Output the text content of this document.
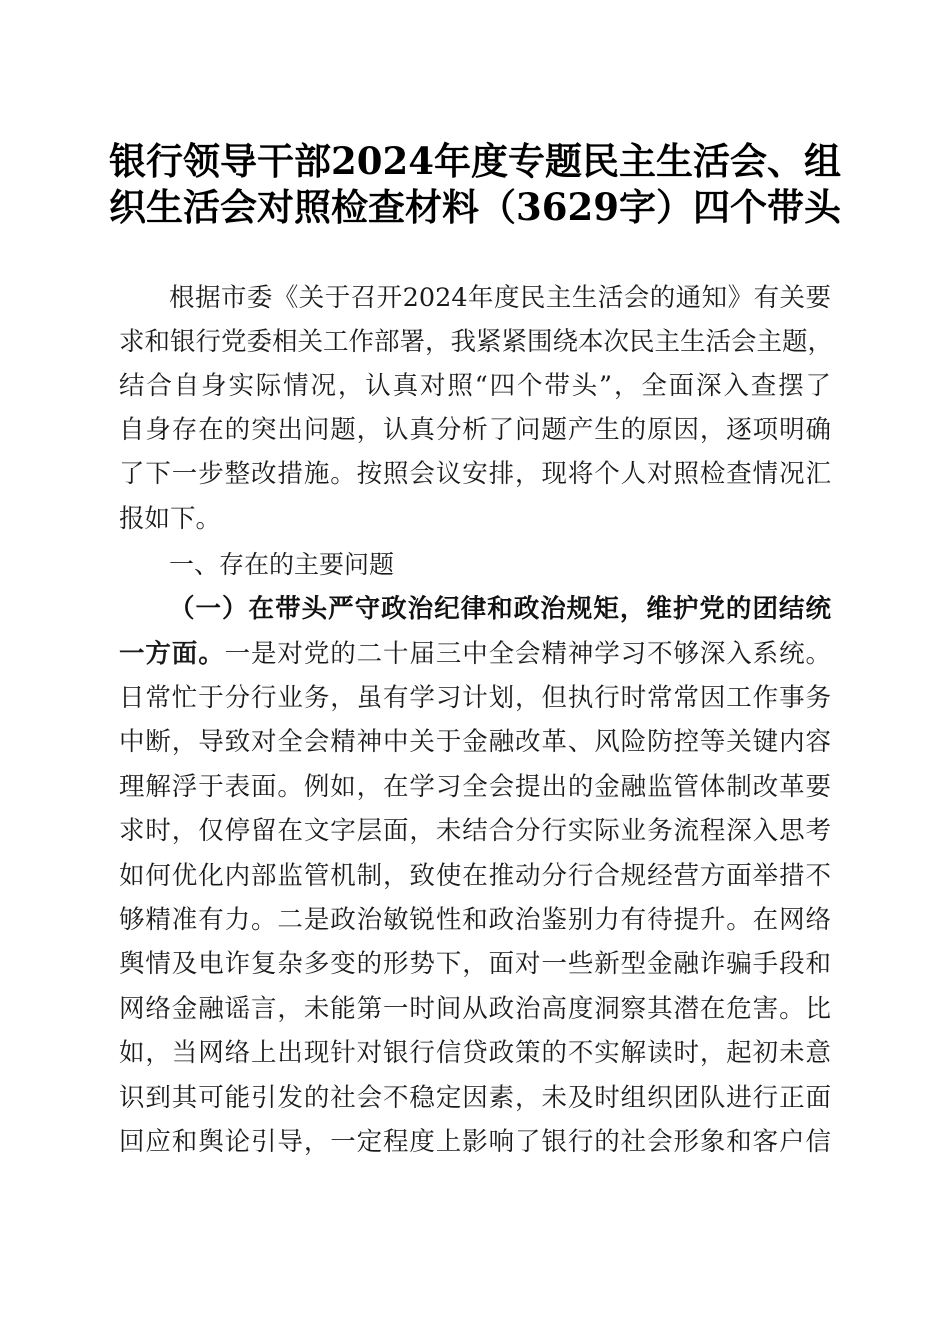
银行领导干部2024年度专题民主生活会、组
织生活会对照检查材料（3629字）四个带头
根据市委《关于召开2024年度民主生活会的通知》有关要
求和银行党委相关工作部署，我紧紧围绕本次民主生活会主题，
结合自身实际情况，认真对照“四个带头”，全面深入查摆了
自身存在的突出问题，认真分析了问题产生的原因，逐项明确
了下一步整改措施。按照会议安排，现将个人对照检查情况汇
报如下。
一、存在的主要问题
（一）在带头严守政治纪律和政治规矩，维护党的团结统
一方面。一是对党的二十届三中全会精神学习不够深入系统。
日常忙于分行业务，虽有学习计划，但执行时常常因工作事务
中断，导致对全会精神中关于金融改革、风险防控等关键内容
理解浮于表面。例如，在学习全会提出的金融监管体制改革要
求时，仅停留在文字层面，未结合分行实际业务流程深入思考
如何优化内部监管机制，致使在推动分行合规经营方面举措不
够精准有力。二是政治敏锐性和政治鉴别力有待提升。在网络
舆情及电诈复杂多变的形势下，面对一些新型金融诈骗手段和
网络金融谣言，未能第一时间从政治高度洞察其潜在危害。比
如，当网络上出现针对银行信贷政策的不实解读时，起初未意
识到其可能引发的社会不稳定因素，未及时组织团队进行正面
回应和舆论引导，一定程度上影响了银行的社会形象和客户信
